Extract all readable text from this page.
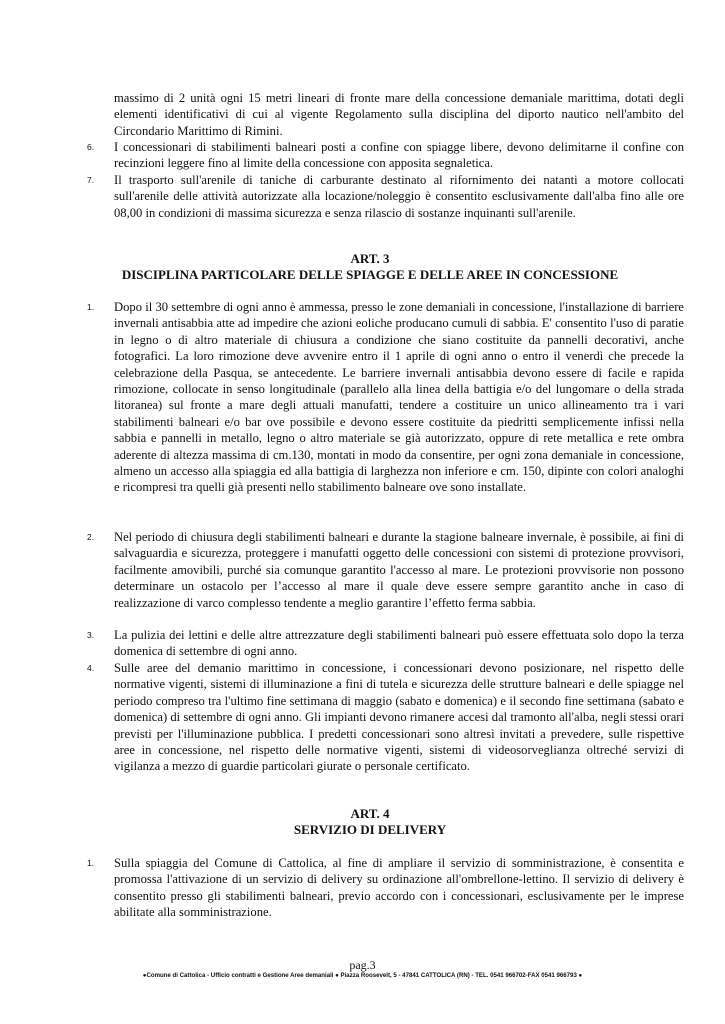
massimo di 2 unità ogni 15 metri lineari di fronte mare della concessione demaniale marittima, dotati degli elementi identificativi di cui al vigente Regolamento sulla disciplina del diporto nautico nell'ambito del Circondario Marittimo di Rimini.
6. I concessionari di stabilimenti balneari posti a confine con spiagge libere, devono delimitarne il confine con recinzioni leggere fino al limite della concessione con apposita segnaletica.
7. Il trasporto sull'arenile di taniche di carburante destinato al rifornimento dei natanti a motore collocati sull'arenile delle attività autorizzate alla locazione/noleggio è consentito esclusivamente dall'alba fino alle ore 08,00 in condizioni di massima sicurezza e senza rilascio di sostanze inquinanti sull'arenile.
ART. 3
DISCIPLINA PARTICOLARE DELLE SPIAGGE E DELLE AREE IN CONCESSIONE
1. Dopo il 30 settembre di ogni anno è ammessa, presso le zone demaniali in concessione, l'installazione di barriere invernali antisabbia atte ad impedire che azioni eoliche producano cumuli di sabbia. E' consentito l'uso di paratie in legno o di altro materiale di chiusura a condizione che siano costituite da pannelli decorativi, anche fotografici. La loro rimozione deve avvenire entro il 1 aprile di ogni anno o entro il venerdì che precede la celebrazione della Pasqua, se antecedente. Le barriere invernali antisabbia devono essere di facile e rapida rimozione, collocate in senso longitudinale (parallelo alla linea della battigia e/o del lungomare o della strada litoranea) sul fronte a mare degli attuali manufatti, tendere a costituire un unico allineamento tra i vari stabilimenti balneari e/o bar ove possibile e devono essere costituite da piedritti semplicemente infissi nella sabbia e pannelli in metallo, legno o altro materiale se già autorizzato, oppure di rete metallica e rete ombra aderente di altezza massima di cm.130, montati in modo da consentire, per ogni zona demaniale in concessione, almeno un accesso alla spiaggia ed alla battigia di larghezza non inferiore e cm. 150, dipinte con colori analoghi e ricompresi tra quelli già presenti nello stabilimento balneare ove sono installate.
2. Nel periodo di chiusura degli stabilimenti balneari e durante la stagione balneare invernale, è possibile, ai fini di salvaguardia e sicurezza, proteggere i manufatti oggetto delle concessioni con sistemi di protezione provvisori, facilmente amovibili, purché sia comunque garantito l'accesso al mare. Le protezioni provvisorie non possono determinare un ostacolo per l’accesso al mare il quale deve essere sempre garantito anche in caso di realizzazione di varco complesso tendente a meglio garantire l’effetto ferma sabbia.
3. La pulizia dei lettini e delle altre attrezzature degli stabilimenti balneari può essere effettuata solo dopo la terza domenica di settembre di ogni anno.
4. Sulle aree del demanio marittimo in concessione, i concessionari devono posizionare, nel rispetto delle normative vigenti, sistemi di illuminazione a fini di tutela e sicurezza delle strutture balneari e delle spiagge nel periodo compreso tra l'ultimo fine settimana di maggio (sabato e domenica) e il secondo fine settimana (sabato e domenica) di settembre di ogni anno. Gli impianti devono rimanere accesi dal tramonto all'alba, negli stessi orari previsti per l'illuminazione pubblica. I predetti concessionari sono altresì invitati a prevedere, sulle rispettive aree in concessione, nel rispetto delle normative vigenti, sistemi di videosorveglianza oltreché servizi di vigilanza a mezzo di guardie particolari giurate o personale certificato.
ART. 4
SERVIZIO DI DELIVERY
1. Sulla spiaggia del Comune di Cattolica, al fine di ampliare il servizio di somministrazione, è consentita e promossa l'attivazione di un servizio di delivery su ordinazione all'ombrellone-lettino. Il servizio di delivery è consentito presso gli stabilimenti balneari, previo accordo con i concessionari, esclusivamente per le imprese abilitate alla somministrazione.
pag.3
●Comune di Cattolica - Ufficio contratti e Gestione Aree demaniali ● Piazza Roosevelt, 5 - 47841 CATTOLICA (RN) - TEL. 0541 966702-FAX 0541 966793 ●
